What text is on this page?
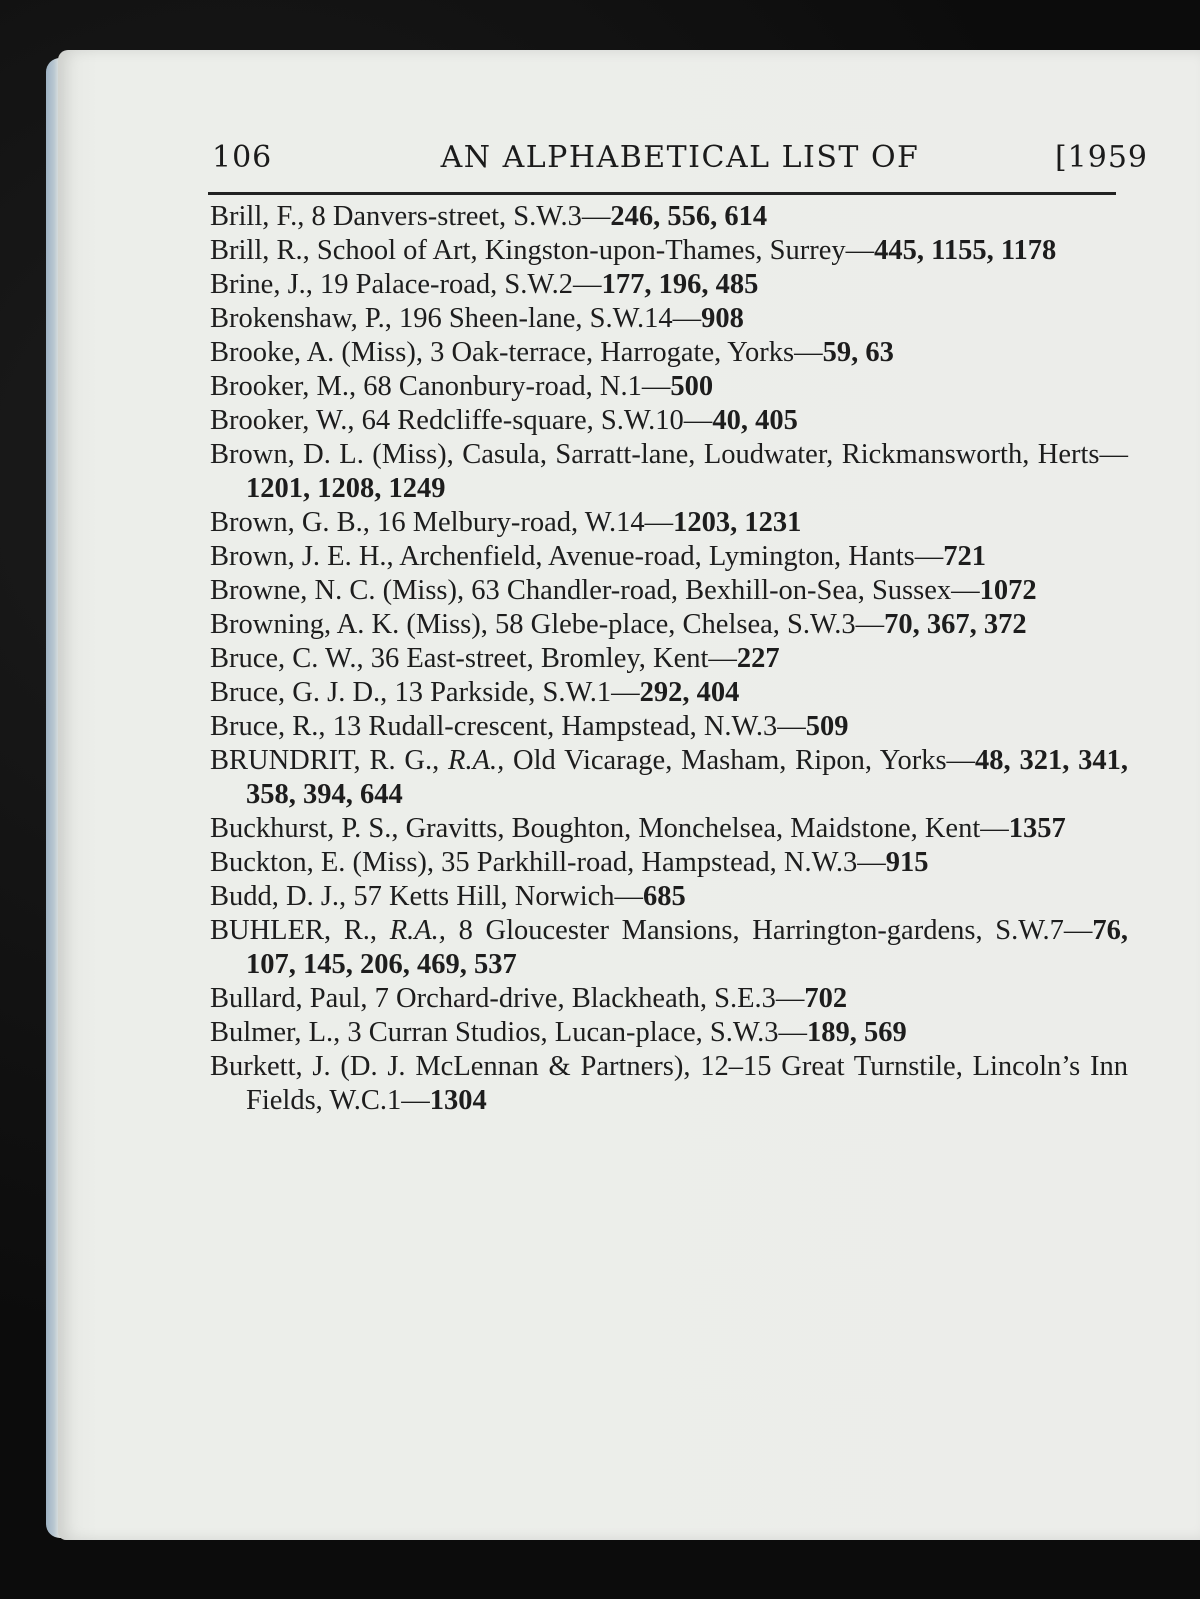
106	AN ALPHABETICAL LIST OF	[1959

Brill, F., 8 Danvers-street, S.W.3—246, 556, 614

Brill, R., School of Art, Kingston-upon-Thames, Surrey—445, 1155, 1178

Brine, J., 19 Palace-road, S.W.2—177, 196, 485

Brokenshaw, P., 196 Sheen-lane, S.W.14—908

Brooke, A. (Miss), 3 Oak-terrace, Harrogate, Yorks—59, 63

Brooker, M., 68 Canonbury-road, N.1—500

Brooker, W., 64 Redcliffe-square, S.W.10—40, 405

Brown, D. L. (Miss), Casula, Sarratt-lane, Loudwater, Rickmansworth, Herts—1201, 1208, 1249

Brown, G. B., 16 Melbury-road, W.14—1203, 1231

Brown, J. E. H., Archenfield, Avenue-road, Lymington, Hants—721

Browne, N. C. (Miss), 63 Chandler-road, Bexhill-on-Sea, Sussex—1072

Browning, A. K. (Miss), 58 Glebe-place, Chelsea, S.W.3—70, 367, 372

Bruce, C. W., 36 East-street, Bromley, Kent—227

Bruce, G. J. D., 13 Parkside, S.W.1—292, 404

Bruce, R., 13 Rudall-crescent, Hampstead, N.W.3—509

BRUNDRIT, R. G., R.A., Old Vicarage, Masham, Ripon, Yorks—48, 321, 341, 358, 394, 644

Buckhurst, P. S., Gravitts, Boughton, Monchelsea, Maidstone, Kent—1357

Buckton, E. (Miss), 35 Parkhill-road, Hampstead, N.W.3—915

Budd, D. J., 57 Ketts Hill, Norwich—685

BUHLER, R., R.A., 8 Gloucester Mansions, Harrington-gardens, S.W.7—76, 107, 145, 206, 469, 537

Bullard, Paul, 7 Orchard-drive, Blackheath, S.E.3—702

Bulmer, L., 3 Curran Studios, Lucan-place, S.W.3—189, 569

Burkett, J. (D. J. McLennan & Partners), 12–15 Great Turnstile, Lincoln’s Inn Fields, W.C.1—1304
